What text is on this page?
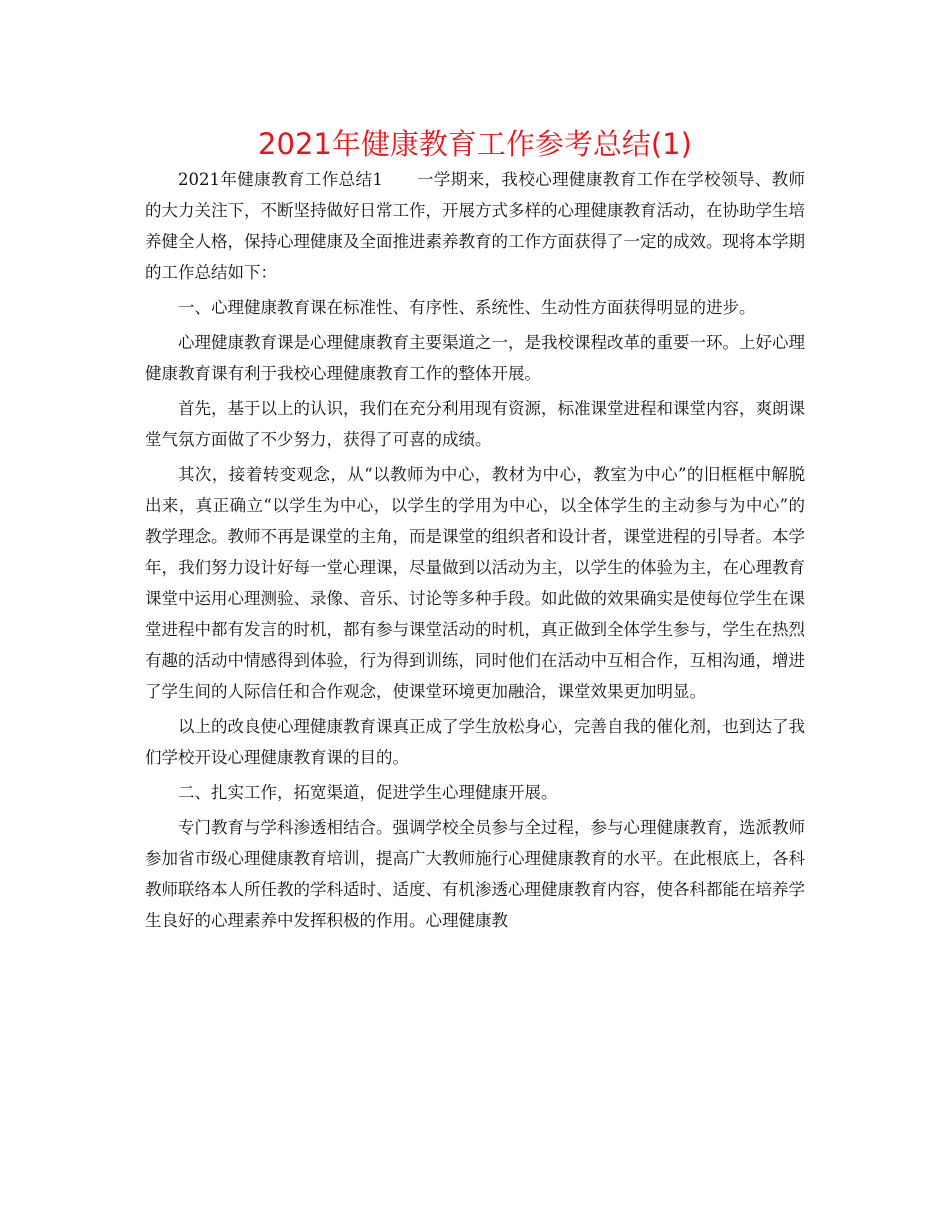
2021年健康教育工作参考总结(1)

2021年健康教育工作总结1　　一学期来，我校心理健康教育工作在学校领导、教师的大力关注下，不断坚持做好日常工作，开展方式多样的心理健康教育活动，在协助学生培养健全人格，保持心理健康及全面推进素养教育的工作方面获得了一定的成效。现将本学期的工作总结如下：

一、心理健康教育课在标准性、有序性、系统性、生动性方面获得明显的进步。

心理健康教育课是心理健康教育主要渠道之一，是我校课程改革的重要一环。上好心理健康教育课有利于我校心理健康教育工作的整体开展。

首先，基于以上的认识，我们在充分利用现有资源，标准课堂进程和课堂内容，爽朗课堂气氛方面做了不少努力，获得了可喜的成绩。

其次，接着转变观念，从“以教师为中心，教材为中心，教室为中心”的旧框框中解脱出来，真正确立“以学生为中心，以学生的学用为中心，以全体学生的主动参与为中心”的教学理念。教师不再是课堂的主角，而是课堂的组织者和设计者，课堂进程的引导者。本学年，我们努力设计好每一堂心理课，尽量做到以活动为主，以学生的体验为主，在心理教育课堂中运用心理测验、录像、音乐、讨论等多种手段。如此做的效果确实是使每位学生在课堂进程中都有发言的时机，都有参与课堂活动的时机，真正做到全体学生参与，学生在热烈有趣的活动中情感得到体验，行为得到训练，同时他们在活动中互相合作，互相沟通，增进了学生间的人际信任和合作观念，使课堂环境更加融洽，课堂效果更加明显。

以上的改良使心理健康教育课真正成了学生放松身心，完善自我的催化剂，也到达了我们学校开设心理健康教育课的目的。

二、扎实工作，拓宽渠道，促进学生心理健康开展。

专门教育与学科渗透相结合。强调学校全员参与全过程，参与心理健康教育，选派教师参加省市级心理健康教育培训，提高广大教师施行心理健康教育的水平。在此根底上，各科教师联络本人所任教的学科适时、适度、有机渗透心理健康教育内容，使各科都能在培养学生良好的心理素养中发挥积极的作用。心理健康教
